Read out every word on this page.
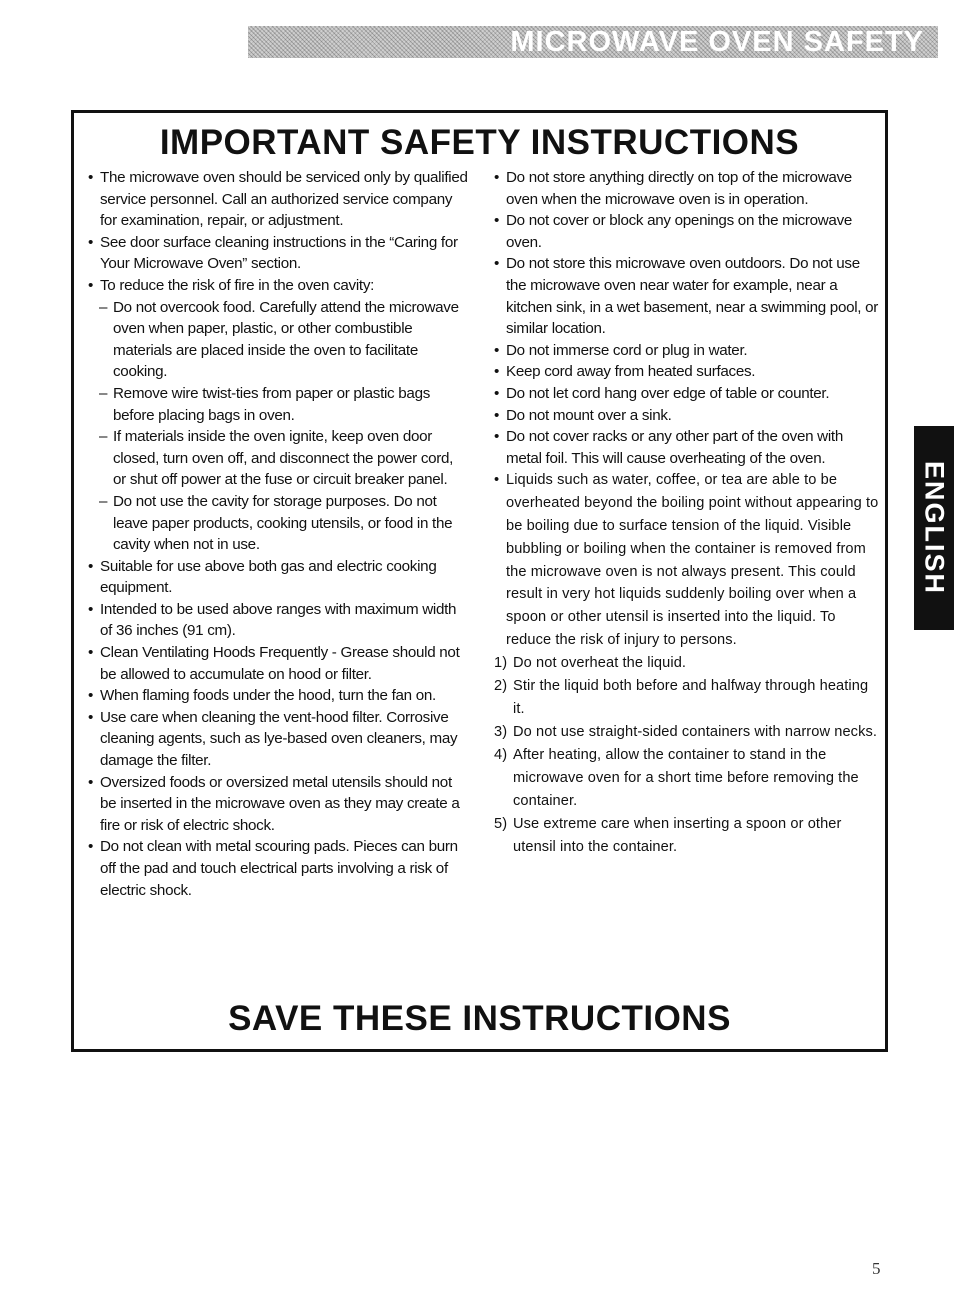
MICROWAVE OVEN SAFETY
IMPORTANT SAFETY INSTRUCTIONS
• The microwave oven should be serviced only by qualified service personnel. Call an authorized service company for examination, repair, or adjustment.
• See door surface cleaning instructions in the “Caring for Your Microwave Oven” section.
• To reduce the risk of fire in the oven cavity:
– Do not overcook food. Carefully attend the microwave oven when paper, plastic, or other combustible materials are placed inside the oven to facilitate cooking.
– Remove wire twist-ties from paper or plastic bags before placing bags in oven.
– If materials inside the oven ignite, keep oven door closed, turn oven off, and disconnect the power cord, or shut off power at the fuse or circuit breaker panel.
– Do not use the cavity for storage purposes. Do not leave paper products, cooking utensils, or food in the cavity when not in use.
• Suitable for use above both gas and electric cooking equipment.
• Intended to be used above ranges with maximum width of 36 inches (91 cm).
• Clean Ventilating Hoods Frequently - Grease should not be allowed to accumulate on hood or filter.
• When flaming foods under the hood, turn the fan on.
• Use care when cleaning the vent-hood filter. Corrosive cleaning agents, such as lye-based oven cleaners, may damage the filter.
• Oversized foods or oversized metal utensils should not be inserted in the microwave oven as they may create a fire or risk of electric shock.
• Do not clean with metal scouring pads. Pieces can burn off the pad and touch electrical parts involving a risk of electric shock.
• Do not store anything directly on top of the microwave oven when the microwave oven is in operation.
• Do not cover or block any openings on the microwave oven.
• Do not store this microwave oven outdoors. Do not use the microwave oven near water for example, near a kitchen sink, in a wet basement, near a swimming pool, or similar location.
• Do not immerse cord or plug in water.
• Keep cord away from heated surfaces.
• Do not let cord hang over edge of table or counter.
• Do not mount over a sink.
• Do not cover racks or any other part of the oven with metal foil. This will cause overheating of the oven.
• Liquids such as water, coffee, or tea are able to be overheated beyond the boiling point without appearing to be boiling due to surface tension of the liquid. Visible bubbling or boiling when the container is removed from the microwave oven is not always present. This could result in very hot liquids suddenly boiling over when a spoon or other utensil is inserted into the liquid. To reduce the risk of injury to persons.
1) Do not overheat the liquid.
2) Stir the liquid both before and halfway through heating it.
3) Do not use straight-sided containers with narrow necks.
4) After heating, allow the container to stand in the microwave oven for a short time before removing the container.
5) Use extreme care when inserting a spoon or other utensil into the container.
SAVE THESE INSTRUCTIONS
ENGLISH
5
